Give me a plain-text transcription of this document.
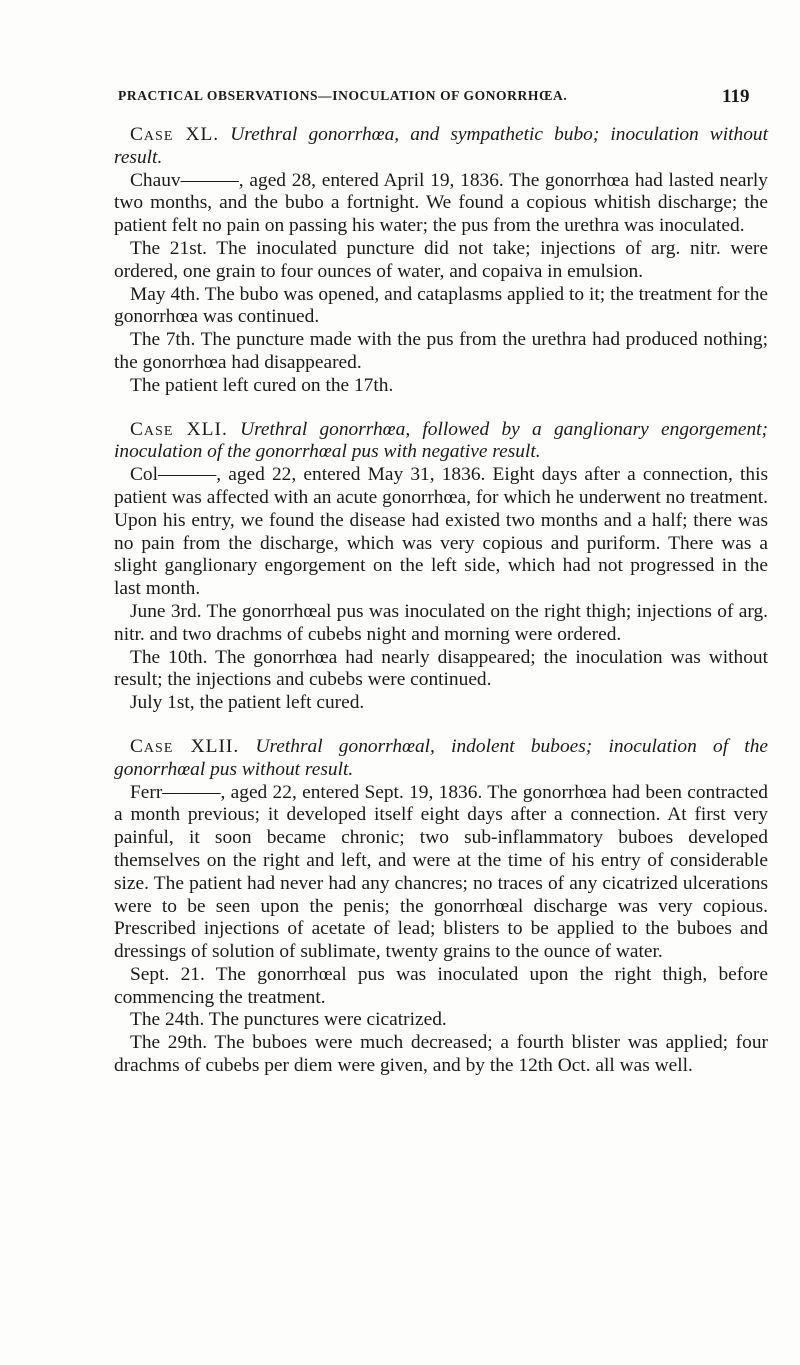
PRACTICAL OBSERVATIONS—INOCULATION OF GONORRHŒA.	119

Case XL. Urethral gonorrhœa, and sympathetic bubo; inoculation without result.

Chauv———, aged 28, entered April 19, 1836. The gonorrhœa had lasted nearly two months, and the bubo a fortnight. We found a copious whitish discharge; the patient felt no pain on passing his water; the pus from the urethra was inoculated.

The 21st. The inoculated puncture did not take; injections of arg. nitr. were ordered, one grain to four ounces of water, and copaiva in emulsion.

May 4th. The bubo was opened, and cataplasms applied to it; the treatment for the gonorrhœa was continued.

The 7th. The puncture made with the pus from the urethra had produced nothing; the gonorrhœa had disappeared.

The patient left cured on the 17th.

Case XLI. Urethral gonorrhœa, followed by a ganglionary engorgement; inoculation of the gonorrhœal pus with negative result.

Col———, aged 22, entered May 31, 1836. Eight days after a connection, this patient was affected with an acute gonorrhœa, for which he underwent no treatment. Upon his entry, we found the disease had existed two months and a half; there was no pain from the discharge, which was very copious and puriform. There was a slight ganglionary engorgement on the left side, which had not progressed in the last month.

June 3rd. The gonorrhœal pus was inoculated on the right thigh; injections of arg. nitr. and two drachms of cubebs night and morning were ordered.

The 10th. The gonorrhœa had nearly disappeared; the inoculation was without result; the injections and cubebs were continued.

July 1st, the patient left cured.

Case XLII. Urethral gonorrhœal, indolent buboes; inoculation of the gonorrhœal pus without result.

Ferr———, aged 22, entered Sept. 19, 1836. The gonorrhœa had been contracted a month previous; it developed itself eight days after a connection. At first very painful, it soon became chronic; two sub-inflammatory buboes developed themselves on the right and left, and were at the time of his entry of considerable size. The patient had never had any chancres; no traces of any cicatrized ulcerations were to be seen upon the penis; the gonorrhœal discharge was very copious. Prescribed injections of acetate of lead; blisters to be applied to the buboes and dressings of solution of sublimate, twenty grains to the ounce of water.

Sept. 21. The gonorrhœal pus was inoculated upon the right thigh, before commencing the treatment.

The 24th. The punctures were cicatrized.

The 29th. The buboes were much decreased; a fourth blister was applied; four drachms of cubebs per diem were given, and by the 12th Oct. all was well.
